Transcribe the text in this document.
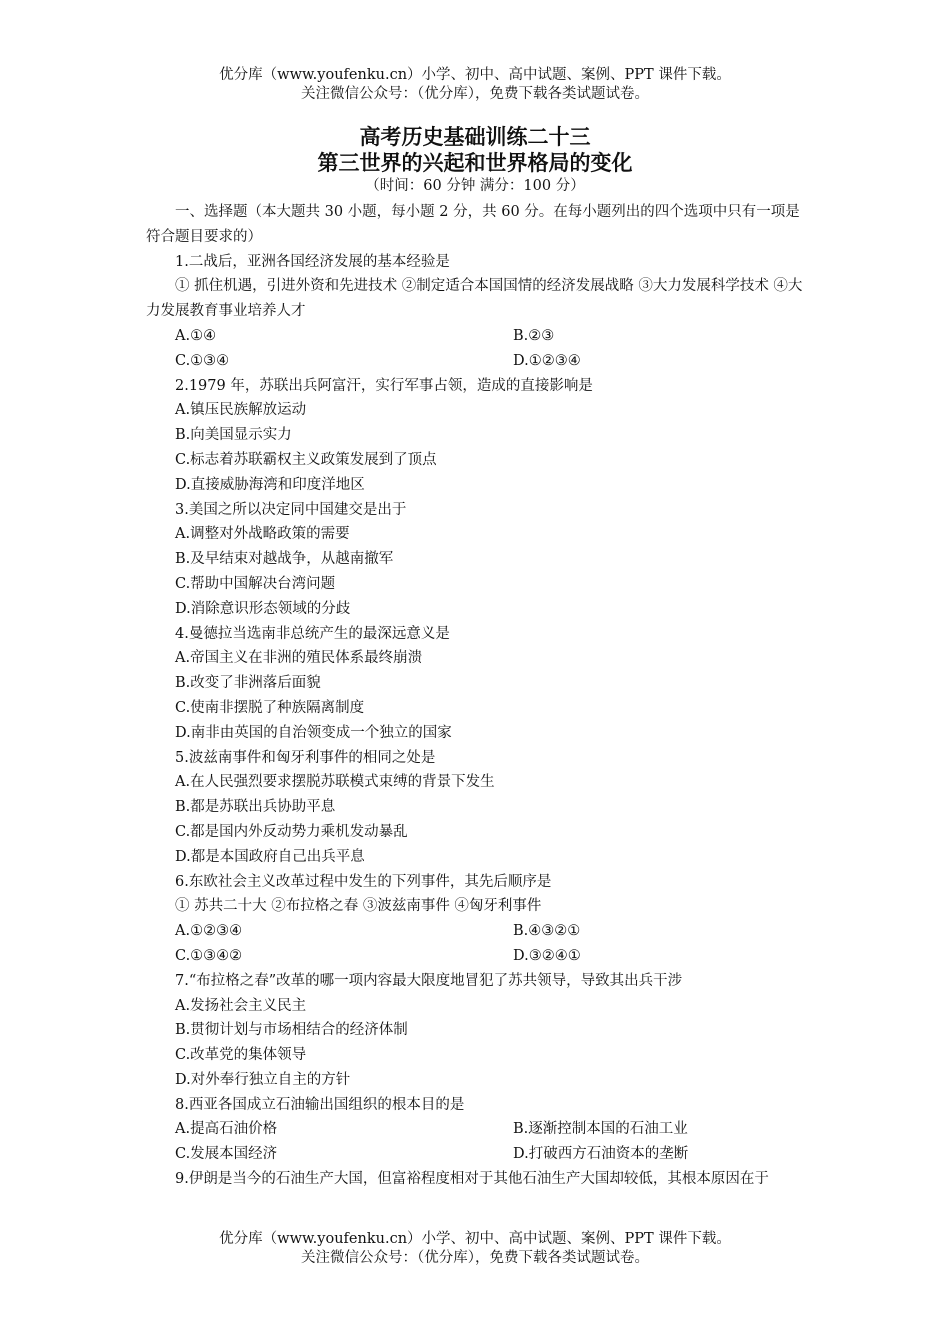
优分库（www.youfenku.cn）小学、初中、高中试题、案例、PPT 课件下载。
关注微信公众号：（优分库），免费下载各类试题试卷。
高考历史基础训练二十三
第三世界的兴起和世界格局的变化
（时间：60 分钟 满分：100 分）
一、选择题（本大题共 30 小题，每小题 2 分，共 60 分。在每小题列出的四个选项中只有一项是符合题目要求的）
1.二战后，亚洲各国经济发展的基本经验是
① 抓住机遇，引进外资和先进技术 ②制定适合本国国情的经济发展战略 ③大力发展科学技术 ④大力发展教育事业培养人才
A.①④	B.②③
C.①③④	D.①②③④
2.1979 年，苏联出兵阿富汗，实行军事占领，造成的直接影响是
A.镇压民族解放运动
B.向美国显示实力
C.标志着苏联霸权主义政策发展到了顶点
D.直接威胁海湾和印度洋地区
3.美国之所以决定同中国建交是出于
A.调整对外战略政策的需要
B.及早结束对越战争，从越南撤军
C.帮助中国解决台湾问题
D.消除意识形态领域的分歧
4.曼德拉当选南非总统产生的最深远意义是
A.帝国主义在非洲的殖民体系最终崩溃
B.改变了非洲落后面貌
C.使南非摆脱了种族隔离制度
D.南非由英国的自治领变成一个独立的国家
5.波兹南事件和匈牙利事件的相同之处是
A.在人民强烈要求摆脱苏联模式束缚的背景下发生
B.都是苏联出兵协助平息
C.都是国内外反动势力乘机发动暴乱
D.都是本国政府自己出兵平息
6.东欧社会主义改革过程中发生的下列事件，其先后顺序是
① 苏共二十大 ②布拉格之春 ③波兹南事件 ④匈牙利事件
A.①②③④	B.④③②①
C.①③④②	D.③②④①
7.“布拉格之春”改革的哪一项内容最大限度地冒犯了苏共领导，导致其出兵干涉
A.发扬社会主义民主
B.贯彻计划与市场相结合的经济体制
C.改革党的集体领导
D.对外奉行独立自主的方针
8.西亚各国成立石油输出国组织的根本目的是
A.提高石油价格	B.逐渐控制本国的石油工业
C.发展本国经济	D.打破西方石油资本的垄断
9.伊朗是当今的石油生产大国，但富裕程度相对于其他石油生产大国却较低，其根本原因在于
优分库（www.youfenku.cn）小学、初中、高中试题、案例、PPT 课件下载。
关注微信公众号：（优分库），免费下载各类试题试卷。
